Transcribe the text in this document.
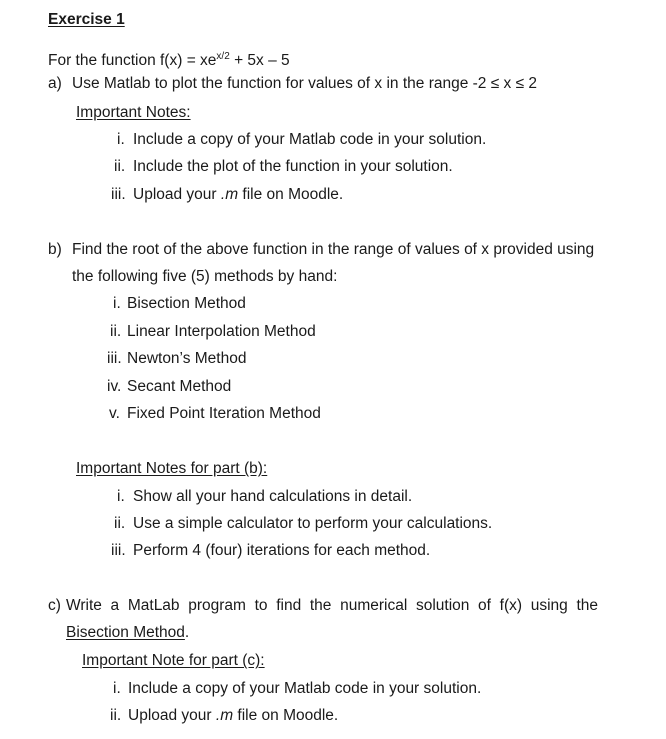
Exercise 1
For the function $f(x) = xe^{x/2} + 5x - 5$
a) Use Matlab to plot the function for values of x in the range -2 ≤ x ≤ 2
Important Notes:
i. Include a copy of your Matlab code in your solution.
ii. Include the plot of the function in your solution.
iii. Upload your .m file on Moodle.
b) Find the root of the above function in the range of values of x provided using
the following five (5) methods by hand:
i. Bisection Method
ii. Linear Interpolation Method
iii. Newton’s Method
iv. Secant Method
v. Fixed Point Iteration Method
Important Notes for part (b):
i. Show all your hand calculations in detail.
ii. Use a simple calculator to perform your calculations.
iii. Perform 4 (four) iterations for each method.
c) Write a MatLab program to find the numerical solution of f(x) using the
Bisection Method.
Important Note for part (c):
i. Include a copy of your Matlab code in your solution.
ii. Upload your .m file on Moodle.
